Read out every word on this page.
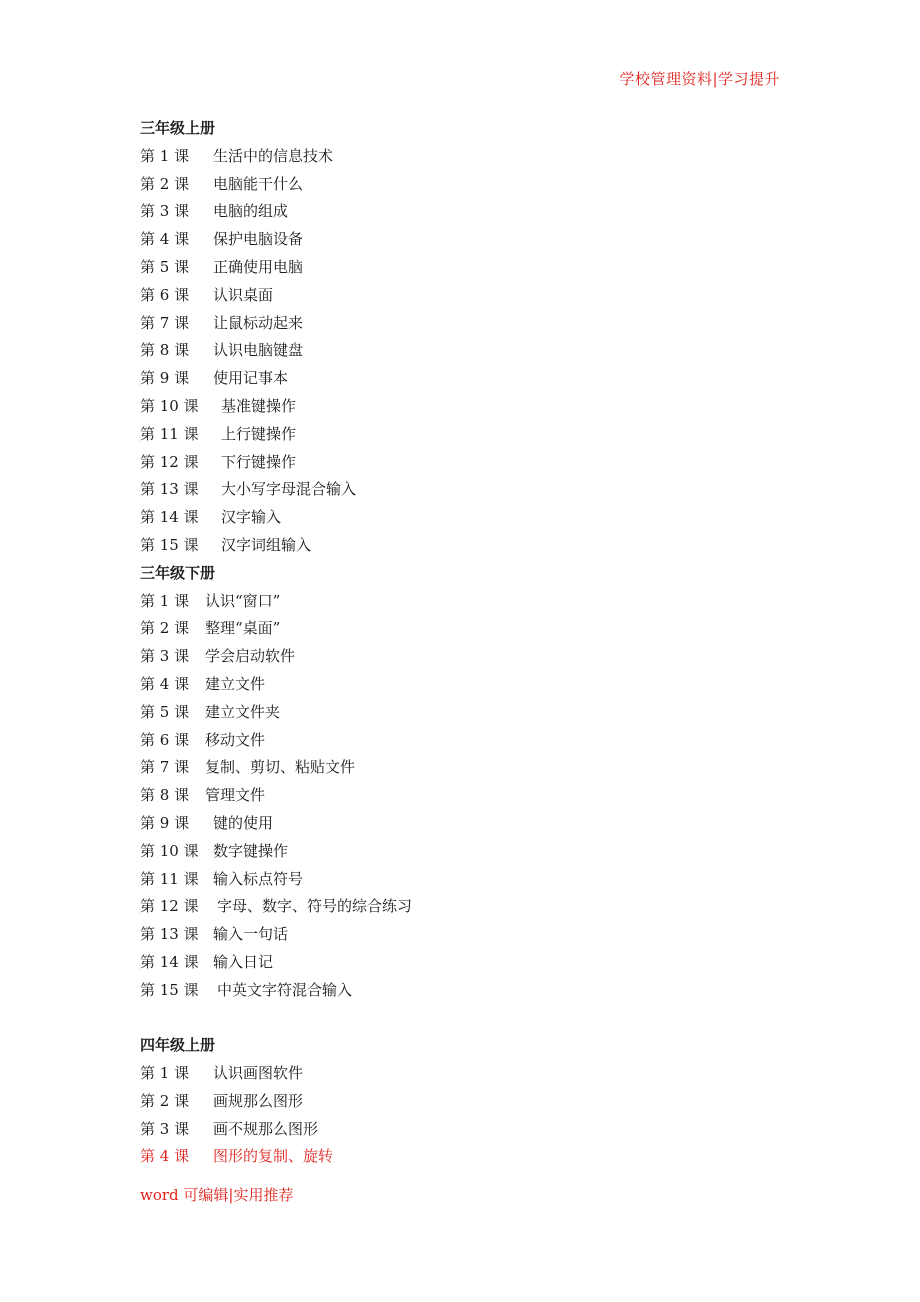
学校管理资料|学习提升
三年级上册
第 1 课 生活中的信息技术
第 2 课 电脑能干什么
第 3 课 电脑的组成
第 4 课 保护电脑设备
第 5 课 正确使用电脑
第 6 课 认识桌面
第 7 课 让鼠标动起来
第 8 课 认识电脑键盘
第 9 课 使用记事本
第 10 课 基准键操作
第 11 课 上行键操作
第 12 课 下行键操作
第 13 课 大小写字母混合输入
第 14 课 汉字输入
第 15 课 汉字词组输入
三年级下册
第 1 课 认识“窗口”
第 2 课 整理“桌面”
第 3 课 学会启动软件
第 4 课 建立文件
第 5 课 建立文件夹
第 6 课 移动文件
第 7 课 复制、剪切、粘贴文件
第 8 课 管理文件
第 9 课 键的使用
第 10 课 数字键操作
第 11 课 输入标点符号
第 12 课 字母、数字、符号的综合练习
第 13 课 输入一句话
第 14 课 输入日记
第 15 课 中英文字符混合输入
四年级上册
第 1 课 认识画图软件
第 2 课 画规那么图形
第 3 课 画不规那么图形
第 4 课 图形的复制、旋转
word 可编辑|实用推荐
